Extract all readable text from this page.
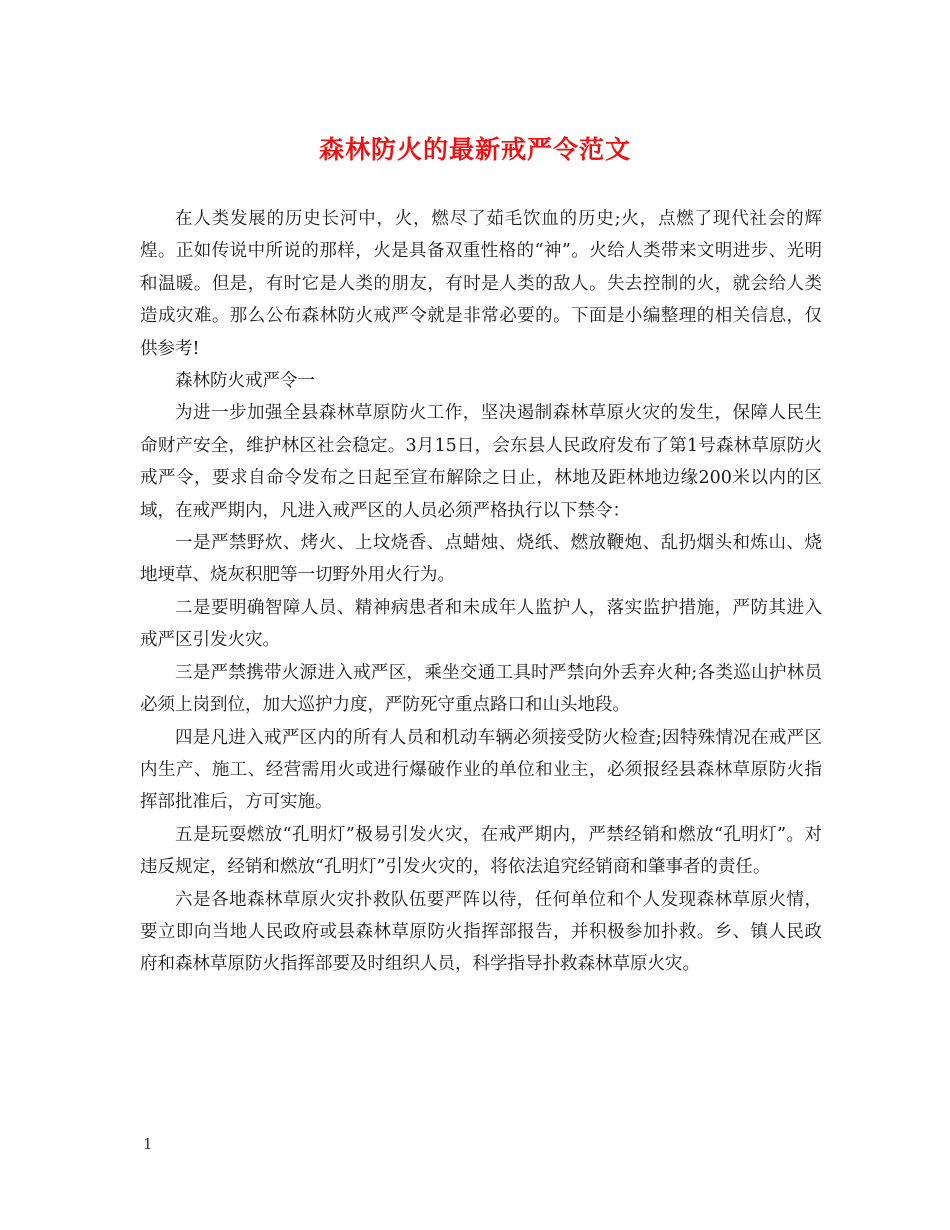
森林防火的最新戒严令范文

在人类发展的历史长河中，火，燃尽了茹毛饮血的历史;火，点燃了现代社会的辉煌。正如传说中所说的那样，火是具备双重性格的“神”。火给人类带来文明进步、光明和温暖。但是，有时它是人类的朋友，有时是人类的敌人。失去控制的火，就会给人类造成灾难。那么公布森林防火戒严令就是非常必要的。下面是小编整理的相关信息，仅供参考!

森林防火戒严令一

为进一步加强全县森林草原防火工作，坚决遏制森林草原火灾的发生，保障人民生命财产安全，维护林区社会稳定。3月15日，会东县人民政府发布了第1号森林草原防火戒严令，要求自命令发布之日起至宣布解除之日止，林地及距林地边缘200米以内的区域，在戒严期内，凡进入戒严区的人员必须严格执行以下禁令：

一是严禁野炊、烤火、上坟烧香、点蜡烛、烧纸、燃放鞭炮、乱扔烟头和炼山、烧地埂草、烧灰积肥等一切野外用火行为。

二是要明确智障人员、精神病患者和未成年人监护人，落实监护措施，严防其进入戒严区引发火灾。

三是严禁携带火源进入戒严区，乘坐交通工具时严禁向外丢弃火种;各类巡山护林员必须上岗到位，加大巡护力度，严防死守重点路口和山头地段。

四是凡进入戒严区内的所有人员和机动车辆必须接受防火检查;因特殊情况在戒严区内生产、施工、经营需用火或进行爆破作业的单位和业主，必须报经县森林草原防火指挥部批准后，方可实施。

五是玩耍燃放“孔明灯”极易引发火灾，在戒严期内，严禁经销和燃放“孔明灯”。对违反规定，经销和燃放“孔明灯”引发火灾的，将依法追究经销商和肇事者的责任。

六是各地森林草原火灾扑救队伍要严阵以待，任何单位和个人发现森林草原火情，要立即向当地人民政府或县森林草原防火指挥部报告，并积极参加扑救。乡、镇人民政府和森林草原防火指挥部要及时组织人员，科学指导扑救森林草原火灾。

1
